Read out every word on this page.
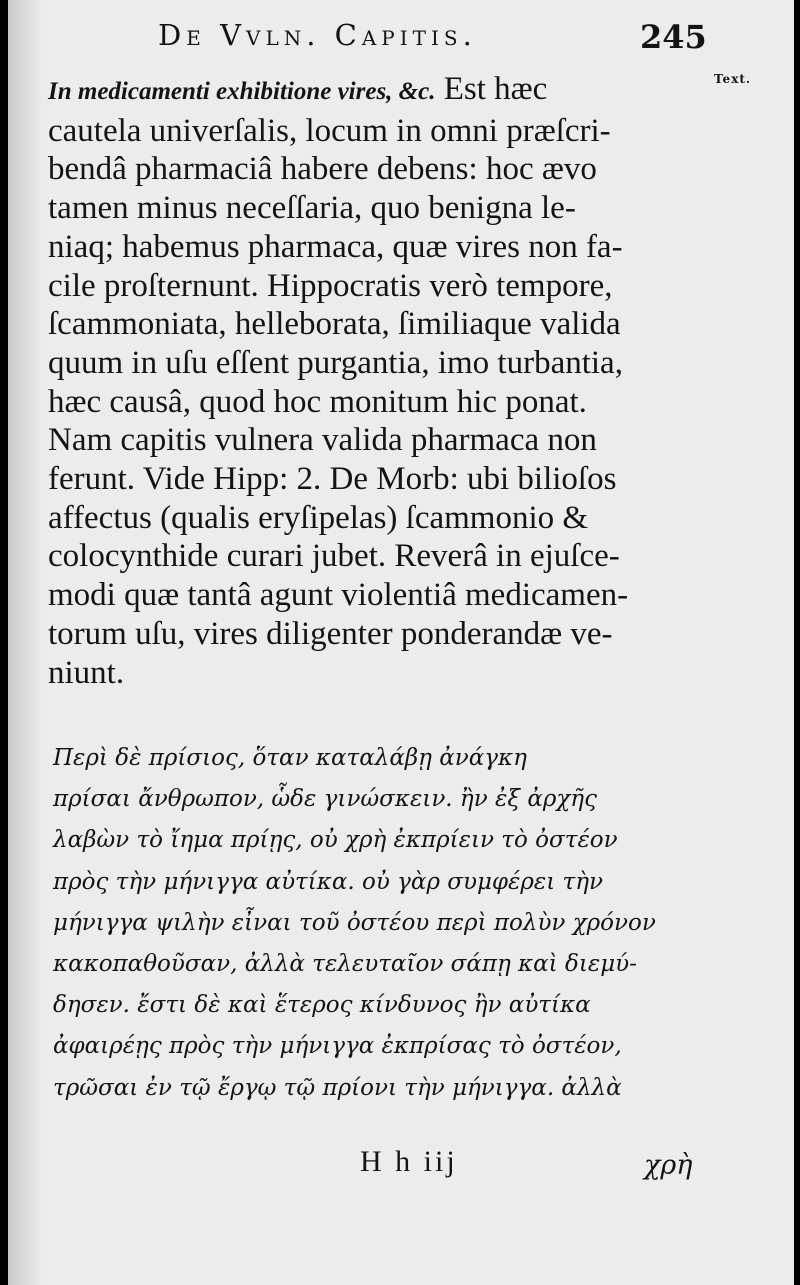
De Vvln. Capitis.	245
Text.
In medicamenti exhibitione vires, &c. Est hæc
cautela univerſalis, locum in omni præſcri-
bendâ pharmaciâ habere debens: hoc ævo
tamen minus neceſſaria, quo benigna le-
niaq; habemus pharmaca, quæ vires non fa-
cile proſternunt. Hippocratis verò tempore,
ſcammoniata, helleborata, ſimiliaque valida
quum in uſu eſſent purgantia, imo turbantia,
hæc causâ, quod hoc monitum hic ponat.
Nam capitis vulnera valida pharmaca non
ferunt. Vide Hipp: 2. De Morb: ubi bilioſos
affectus (qualis eryſipelas) ſcammonio &
colocynthide curari jubet. Reverâ in ejuſce-
modi quæ tantâ agunt violentiâ medicamen-
torum uſu, vires diligenter ponderandæ ve-
niunt.
Περὶ δὲ πρίσιος, ὅταν καταλάβῃ ἀνάγκη
πρίσαι ἄνθρωπον, ὧδε γινώσκειν. ἢν ἐξ ἀρχῆς
λαβὼν τὸ ἴημα πρίῃς, οὐ χρὴ ἐκπρίειν τὸ ὀστέον
πρὸς τὴν μήνιγγα αὐτίκα. οὐ γὰρ συμφέρει τὴν
μήνιγγα ψιλὴν εἶναι τοῦ ὀστέου περὶ πολὺν χρόνον
κακοπαθοῦσαν, ἀλλὰ τελευταῖον σάπῃ καὶ διεμύ-
δησεν. ἔστι δὲ καὶ ἕτερος κίνδυνος ἢν αὐτίκα
ἀφαιρέῃς πρὸς τὴν μήνιγγα ἐκπρίσας τὸ ὀστέον,
τρῶσαι ἐν τῷ ἔργῳ τῷ πρίονι τὴν μήνιγγα. ἀλλὰ
H h iij	χρὴ
